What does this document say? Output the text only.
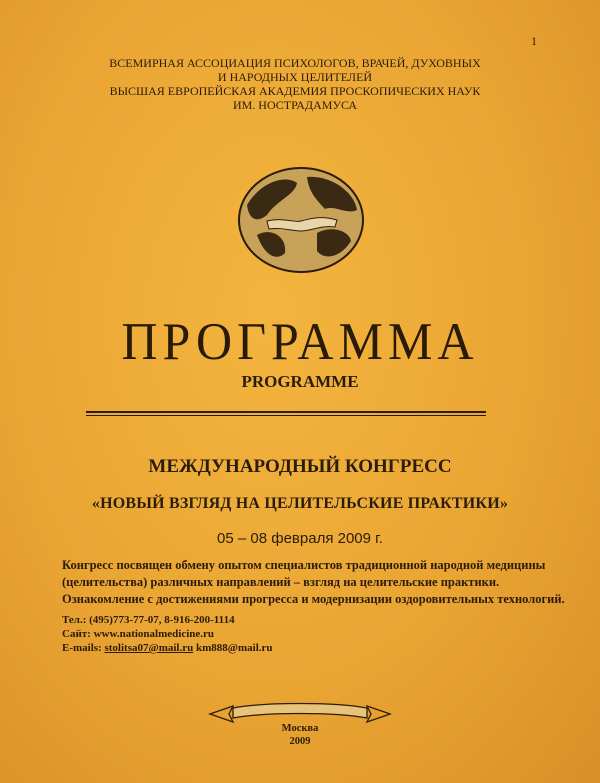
1
ВСЕМИРНАЯ АССОЦИАЦИЯ ПСИХОЛОГОВ, ВРАЧЕЙ, ДУХОВНЫХ
И НАРОДНЫХ ЦЕЛИТЕЛЕЙ
ВЫСШАЯ ЕВРОПЕЙСКАЯ АКАДЕМИЯ ПРОСКОПИЧЕСКИХ НАУК
ИМ. НОСТРАДАМУСА
ПРОГРАММА
PROGRAMME
МЕЖДУНАРОДНЫЙ КОНГРЕСС
«НОВЫЙ ВЗГЛЯД НА ЦЕЛИТЕЛЬСКИЕ ПРАКТИКИ»
05 – 08 февраля 2009 г.

Конгресс посвящен обмену опытом специалистов традиционной народной медицины

(целительства) различных направлений – взгляд на целительские практики.

Ознакомление с достижениями прогресса и модернизации оздоровительных технологий.

Тел.: (495)773-77-07, 8-916-200-1114

Сайт: www.nationalmedicine.ru

E-mails: stolitsa07@mail.ru km888@mail.ru

Москва
2009
